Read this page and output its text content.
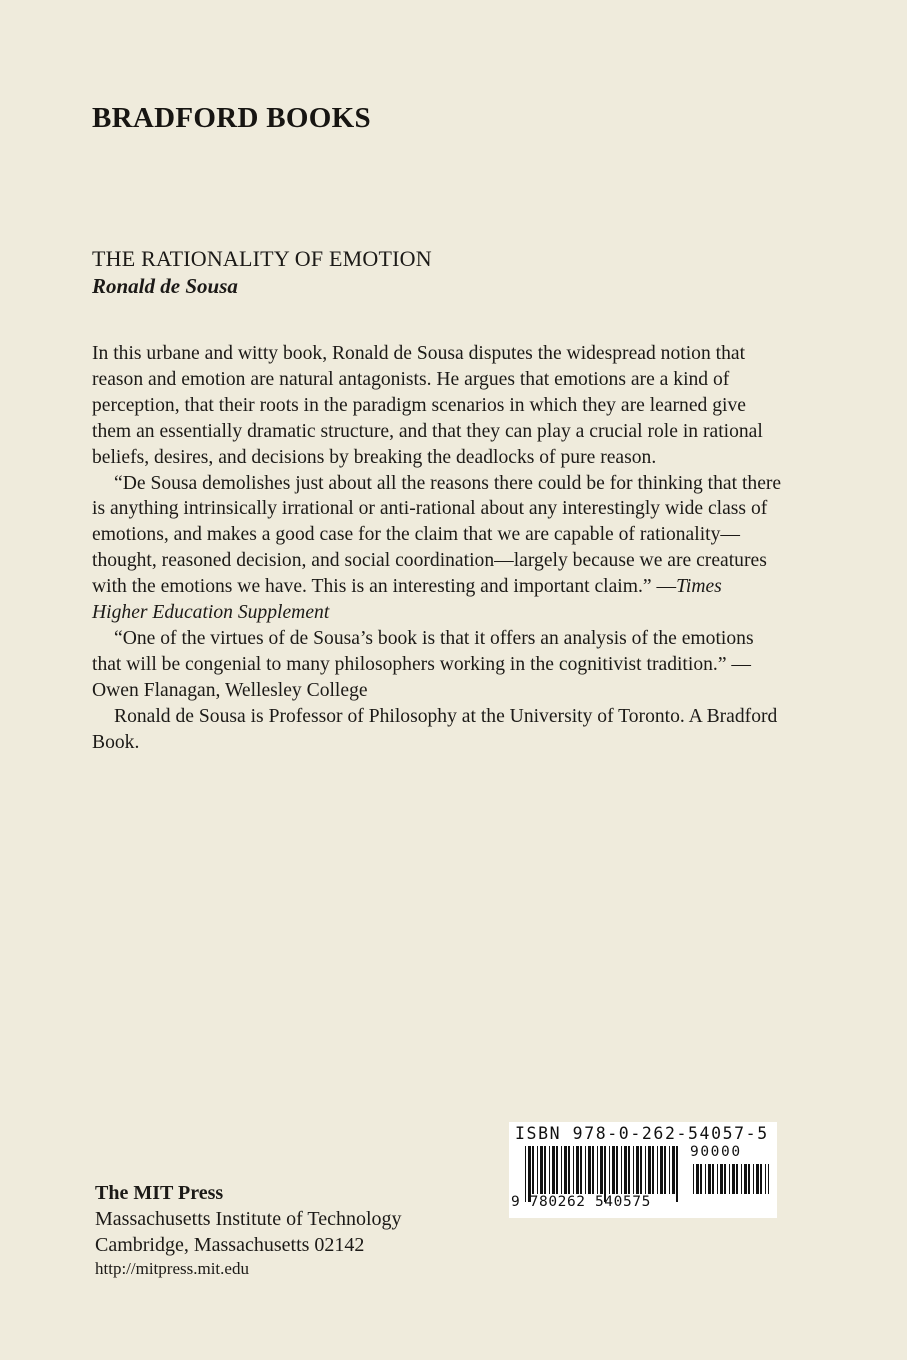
BRADFORD BOOKS
THE RATIONALITY OF EMOTION
Ronald de Sousa

In this urbane and witty book, Ronald de Sousa disputes the widespread notion that reason and emotion are natural antagonists. He argues that emotions are a kind of perception, that their roots in the paradigm scenarios in which they are learned give them an essentially dramatic structure, and that they can play a crucial role in rational beliefs, desires, and decisions by breaking the deadlocks of pure reason.

“De Sousa demolishes just about all the reasons there could be for thinking that there is anything intrinsically irrational or anti-rational about any interestingly wide class of emotions, and makes a good case for the claim that we are capable of rationality—thought, reasoned decision, and social coordination—largely because we are creatures with the emotions we have. This is an interesting and important claim.” —Times Higher Education Supplement

“One of the virtues of de Sousa’s book is that it offers an analysis of the emotions that will be congenial to many philosophers working in the cognitivist tradition.” —Owen Flanagan, Wellesley College

Ronald de Sousa is Professor of Philosophy at the University of Toronto. A Bradford Book.

The MIT Press
Massachusetts Institute of Technology
Cambridge, Massachusetts 02142
http://mitpress.mit.edu
ISBN 978-0-262-54057-5
90000
9 780262 540575
